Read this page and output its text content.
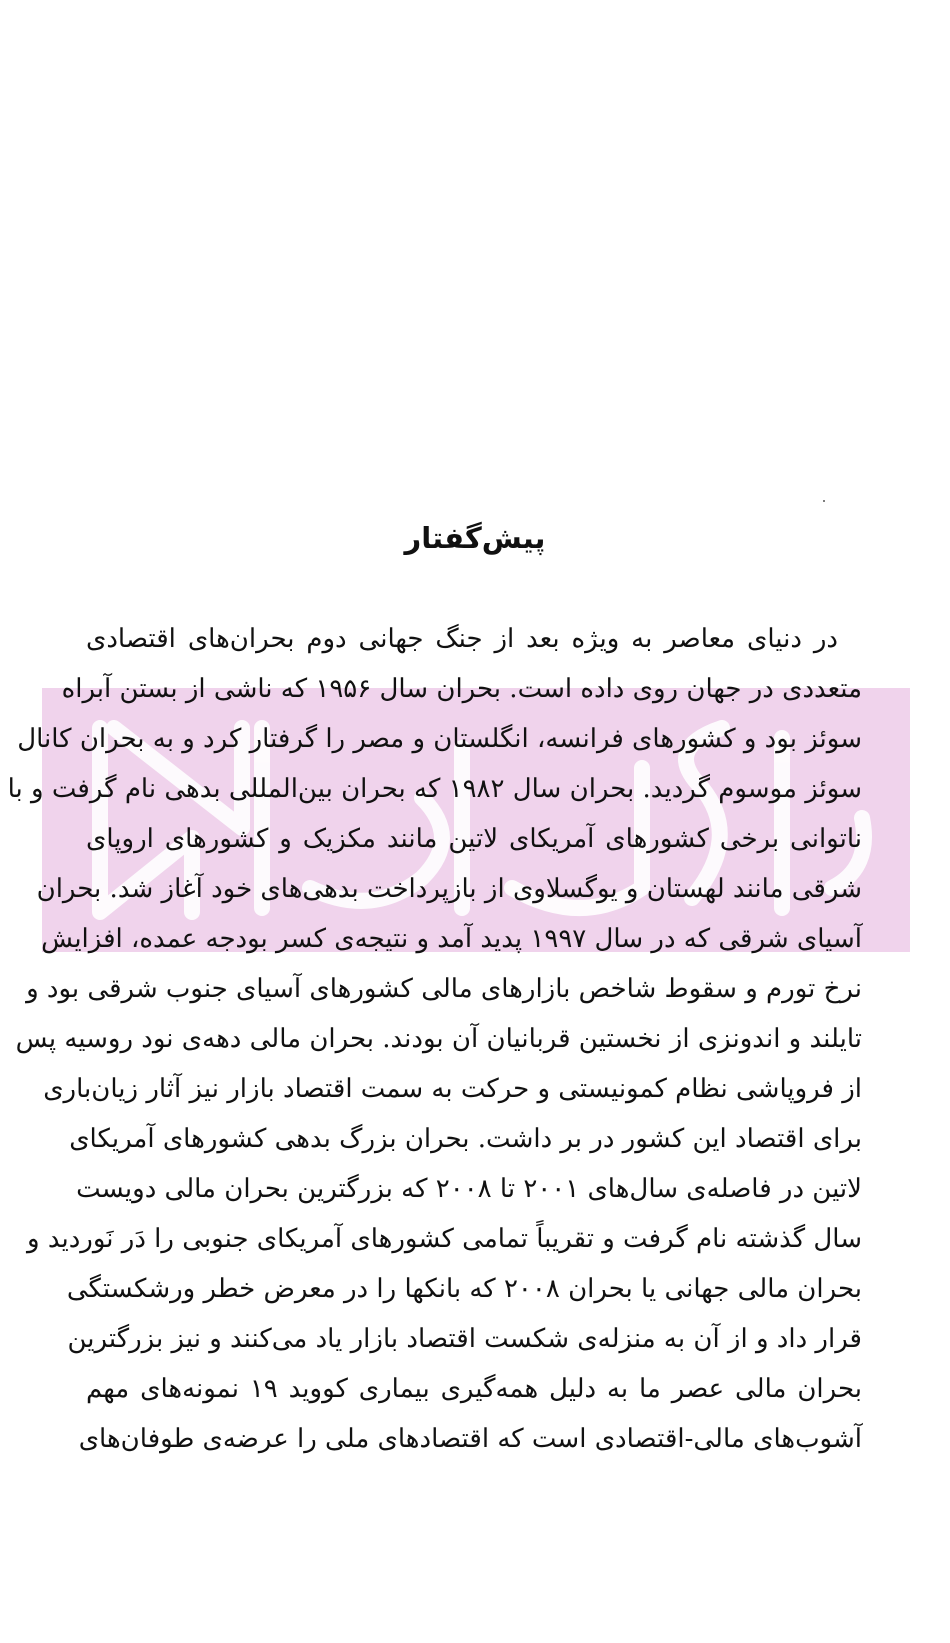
پیش‌گفتار
در دنیای معاصر به ویژه بعد از جنگ جهانی دوم بحران‌های اقتصادی
متعددی در جهان روی داده است. بحران سال ۱۹۵۶ که ناشی از بستن آبراه
سوئز بود و کشورهای فرانسه، انگلستان و مصر را گرفتار کرد و به بحران کانال
سوئز موسوم گردید. بحران سال ۱۹۸۲ که بحران بین‌المللی بدهی نام گرفت و با
ناتوانی برخی کشورهای آمریکای لاتین مانند مکزیک و کشورهای اروپای
شرقی مانند لهستان و یوگسلاوی از بازپرداخت بدهی‌های خود آغاز شد. بحران
آسیای شرقی که در سال ۱۹۹۷ پدید آمد و نتیجه‌ی کسر بودجه عمده، افزایش
نرخ تورم و سقوط شاخص بازارهای مالی کشورهای آسیای جنوب شرقی بود و
تایلند و اندونزی از نخستین قربانیان آن بودند. بحران مالی دهه‌ی نود روسیه پس
از فروپاشی نظام کمونیستی و حرکت به سمت اقتصاد بازار نیز آثار زیان‌باری
برای اقتصاد این کشور در بر داشت. بحران بزرگ بدهی کشورهای آمریکای
لاتین در فاصله‌ی سال‌های ۲۰۰۱ تا ۲۰۰۸ که بزرگترین بحران مالی دویست
سال گذشته نام گرفت و تقریباً تمامی کشورهای آمریکای جنوبی را دَر نَوردید و
بحران مالی جهانی یا بحران ۲۰۰۸ که بانکها را در معرض خطر ورشکستگی
قرار داد و از آن به منزله‌ی شکست اقتصاد بازار یاد می‌کنند و نیز بزرگترین
بحران مالی عصر ما به دلیل همه‌گیری بیماری کووید ۱۹ نمونه‌های مهم
آشوب‌های مالی-اقتصادی است که اقتصادهای ملی را عرضه‌ی طوفان‌های
